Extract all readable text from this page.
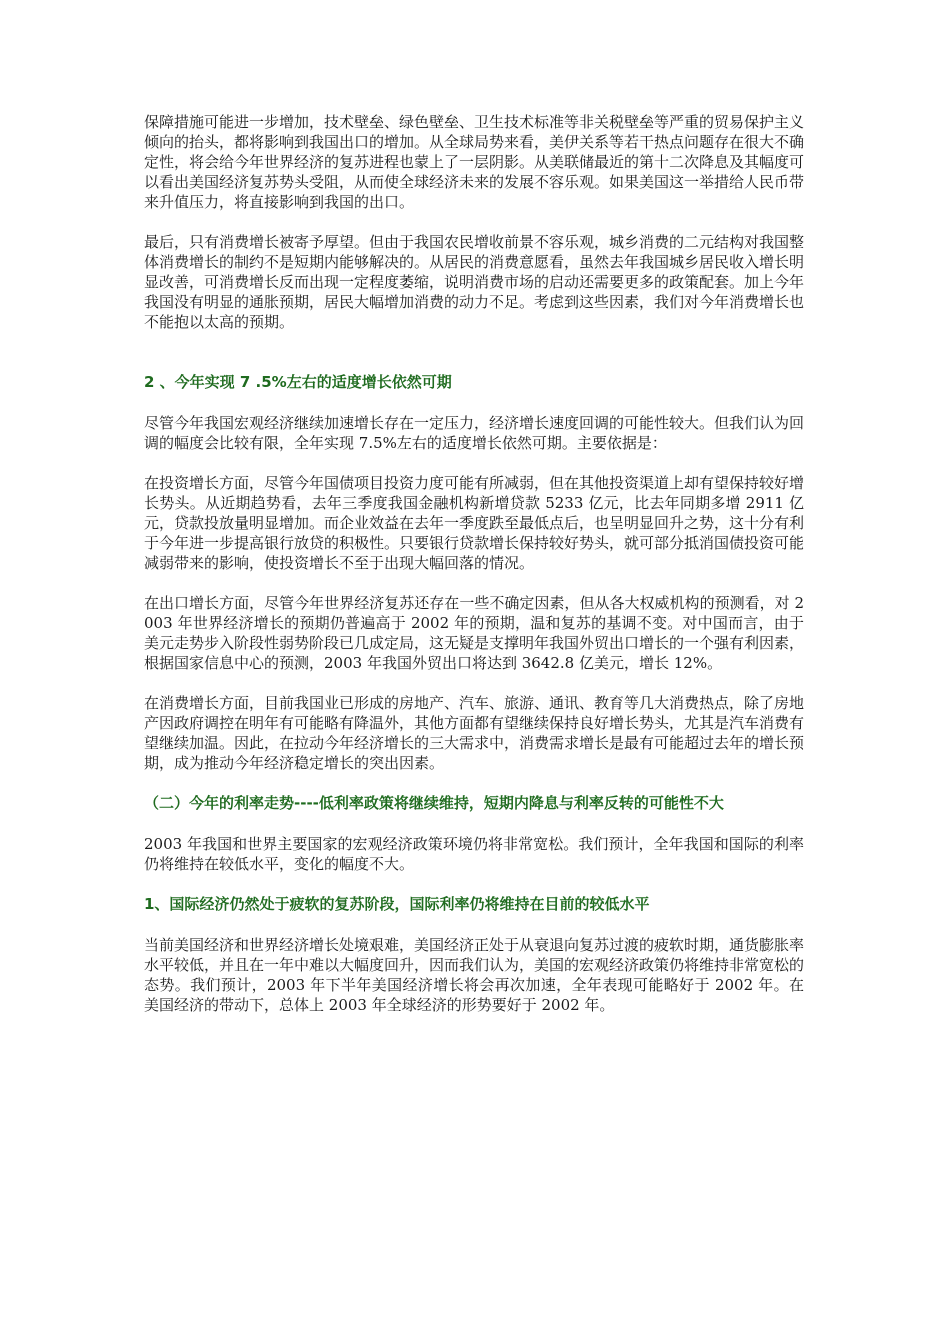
保障措施可能进一步增加，技术壁垒、绿色壁垒、卫生技术标准等非关税壁垒等严重的贸易保护主义倾向的抬头，都将影响到我国出口的增加。从全球局势来看，美伊关系等若干热点问题存在很大不确定性，将会给今年世界经济的复苏进程也蒙上了一层阴影。从美联储最近的第十二次降息及其幅度可以看出美国经济复苏势头受阻，从而使全球经济未来的发展不容乐观。如果美国这一举措给人民币带来升值压力，将直接影响到我国的出口。

最后，只有消费增长被寄予厚望。但由于我国农民增收前景不容乐观，城乡消费的二元结构对我国整体消费增长的制约不是短期内能够解决的。从居民的消费意愿看，虽然去年我国城乡居民收入增长明显改善，可消费增长反而出现一定程度萎缩，说明消费市场的启动还需要更多的政策配套。加上今年我国没有明显的通胀预期，居民大幅增加消费的动力不足。考虑到这些因素，我们对今年消费增长也不能抱以太高的预期。

2 、今年实现 7 .5%左右的适度增长依然可期

尽管今年我国宏观经济继续加速增长存在一定压力，经济增长速度回调的可能性较大。但我们认为回调的幅度会比较有限，全年实现 7.5%左右的适度增长依然可期。主要依据是：

在投资增长方面，尽管今年国债项目投资力度可能有所减弱，但在其他投资渠道上却有望保持较好增长势头。从近期趋势看，去年三季度我国金融机构新增贷款 5233 亿元，比去年同期多增 2911 亿元，贷款投放量明显增加。而企业效益在去年一季度跌至最低点后，也呈明显回升之势，这十分有利于今年进一步提高银行放贷的积极性。只要银行贷款增长保持较好势头，就可部分抵消国债投资可能减弱带来的影响，使投资增长不至于出现大幅回落的情况。

在出口增长方面，尽管今年世界经济复苏还存在一些不确定因素，但从各大权威机构的预测看，对 2003 年世界经济增长的预期仍普遍高于 2002 年的预期，温和复苏的基调不变。对中国而言，由于美元走势步入阶段性弱势阶段已几成定局，这无疑是支撑明年我国外贸出口增长的一个强有利因素，根据国家信息中心的预测，2003 年我国外贸出口将达到 3642.8 亿美元，增长 12%。

在消费增长方面，目前我国业已形成的房地产、汽车、旅游、通讯、教育等几大消费热点，除了房地产因政府调控在明年有可能略有降温外，其他方面都有望继续保持良好增长势头，尤其是汽车消费有望继续加温。因此，在拉动今年经济增长的三大需求中，消费需求增长是最有可能超过去年的增长预期，成为推动今年经济稳定增长的突出因素。

（二）今年的利率走势----低利率政策将继续维持，短期内降息与利率反转的可能性不大

2003 年我国和世界主要国家的宏观经济政策环境仍将非常宽松。我们预计，全年我国和国际的利率仍将维持在较低水平，变化的幅度不大。

1、国际经济仍然处于疲软的复苏阶段，国际利率仍将维持在目前的较低水平

当前美国经济和世界经济增长处境艰难，美国经济正处于从衰退向复苏过渡的疲软时期，通货膨胀率水平较低，并且在一年中难以大幅度回升，因而我们认为，美国的宏观经济政策仍将维持非常宽松的态势。我们预计，2003 年下半年美国经济增长将会再次加速，全年表现可能略好于 2002 年。在美国经济的带动下，总体上 2003 年全球经济的形势要好于 2002 年。
